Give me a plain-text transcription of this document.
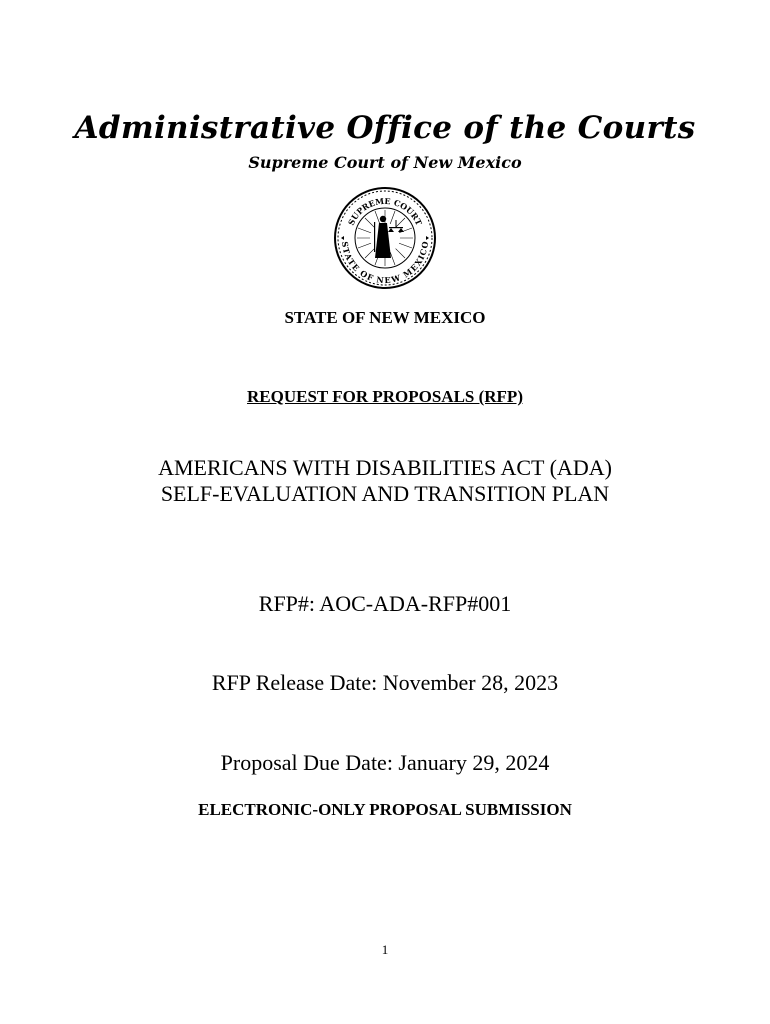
Administrative Office of the Courts
Supreme Court of New Mexico
SUPREME COURT
STATE OF NEW MEXICO
STATE OF NEW MEXICO
REQUEST FOR PROPOSALS (RFP)
AMERICANS WITH DISABILITIES ACT (ADA)
SELF-EVALUATION AND TRANSITION PLAN
RFP#: AOC-ADA-RFP#001
RFP Release Date: November 28, 2023
Proposal Due Date: January 29, 2024
ELECTRONIC-ONLY PROPOSAL SUBMISSION
1
